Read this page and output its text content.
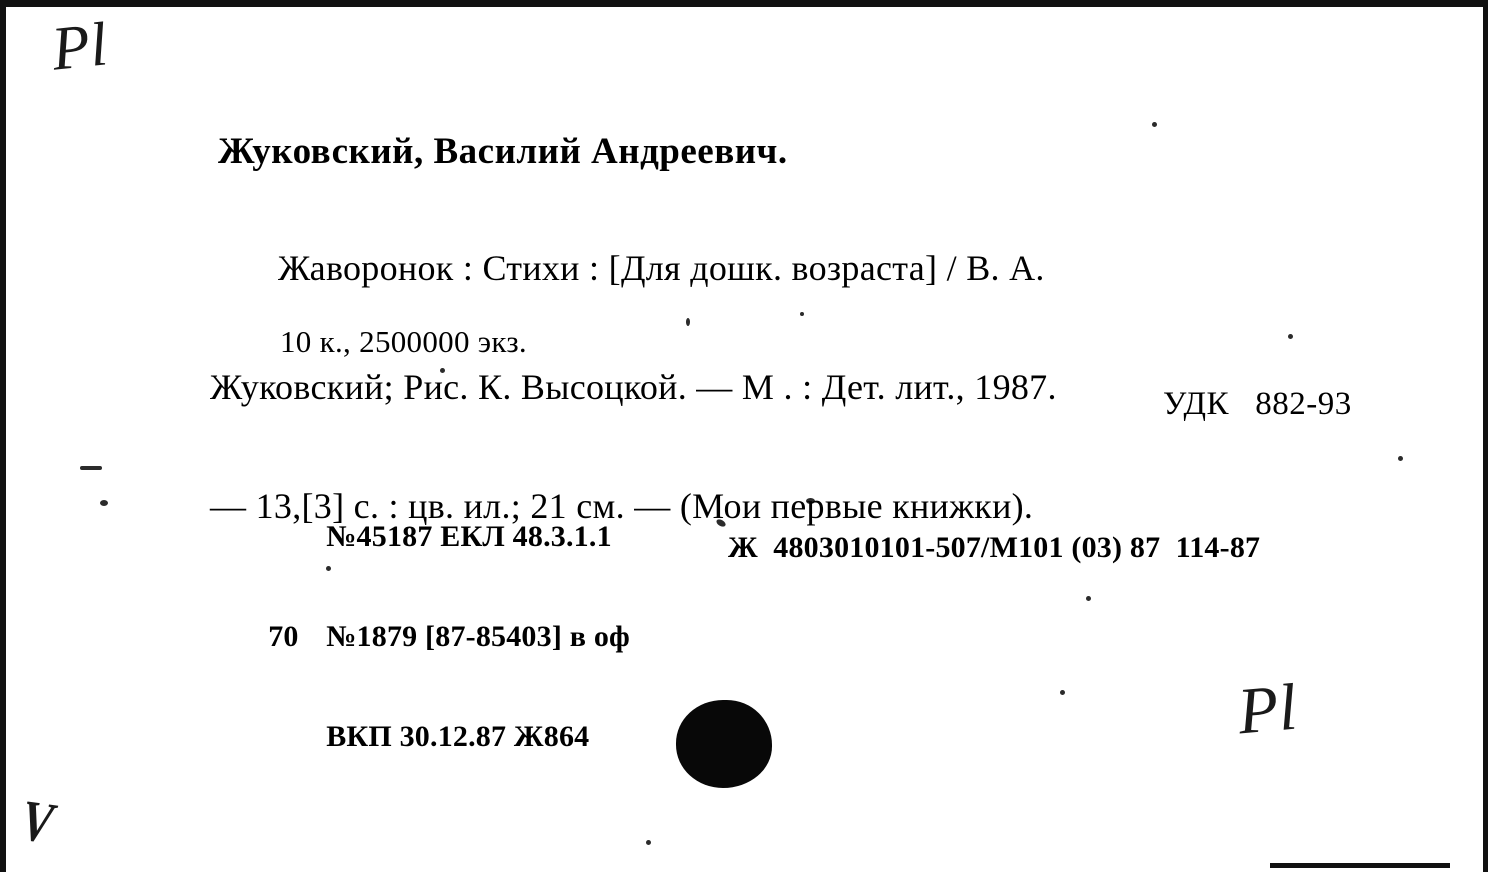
Pl
Pl
V
Жуковский, Василий Андреевич.

Жаворонок : Стихи : [Для дошк. возраста] / В. А.

Жуковский; Рис. К. Высоцкой. — М . : Дет. лит., 1987.

— 13,[3] с. : цв. ил.; 21 см. — (Мои первые книжки).

10 к., 2500000 экз.
УДК   882-93

№45187 ЕКЛ 48.3.1.1

70 №1879 [87-85403] в оф

ВКП 30.12.87 Ж864

Ж  4803010101-507/М101 (03) 87  114-87
